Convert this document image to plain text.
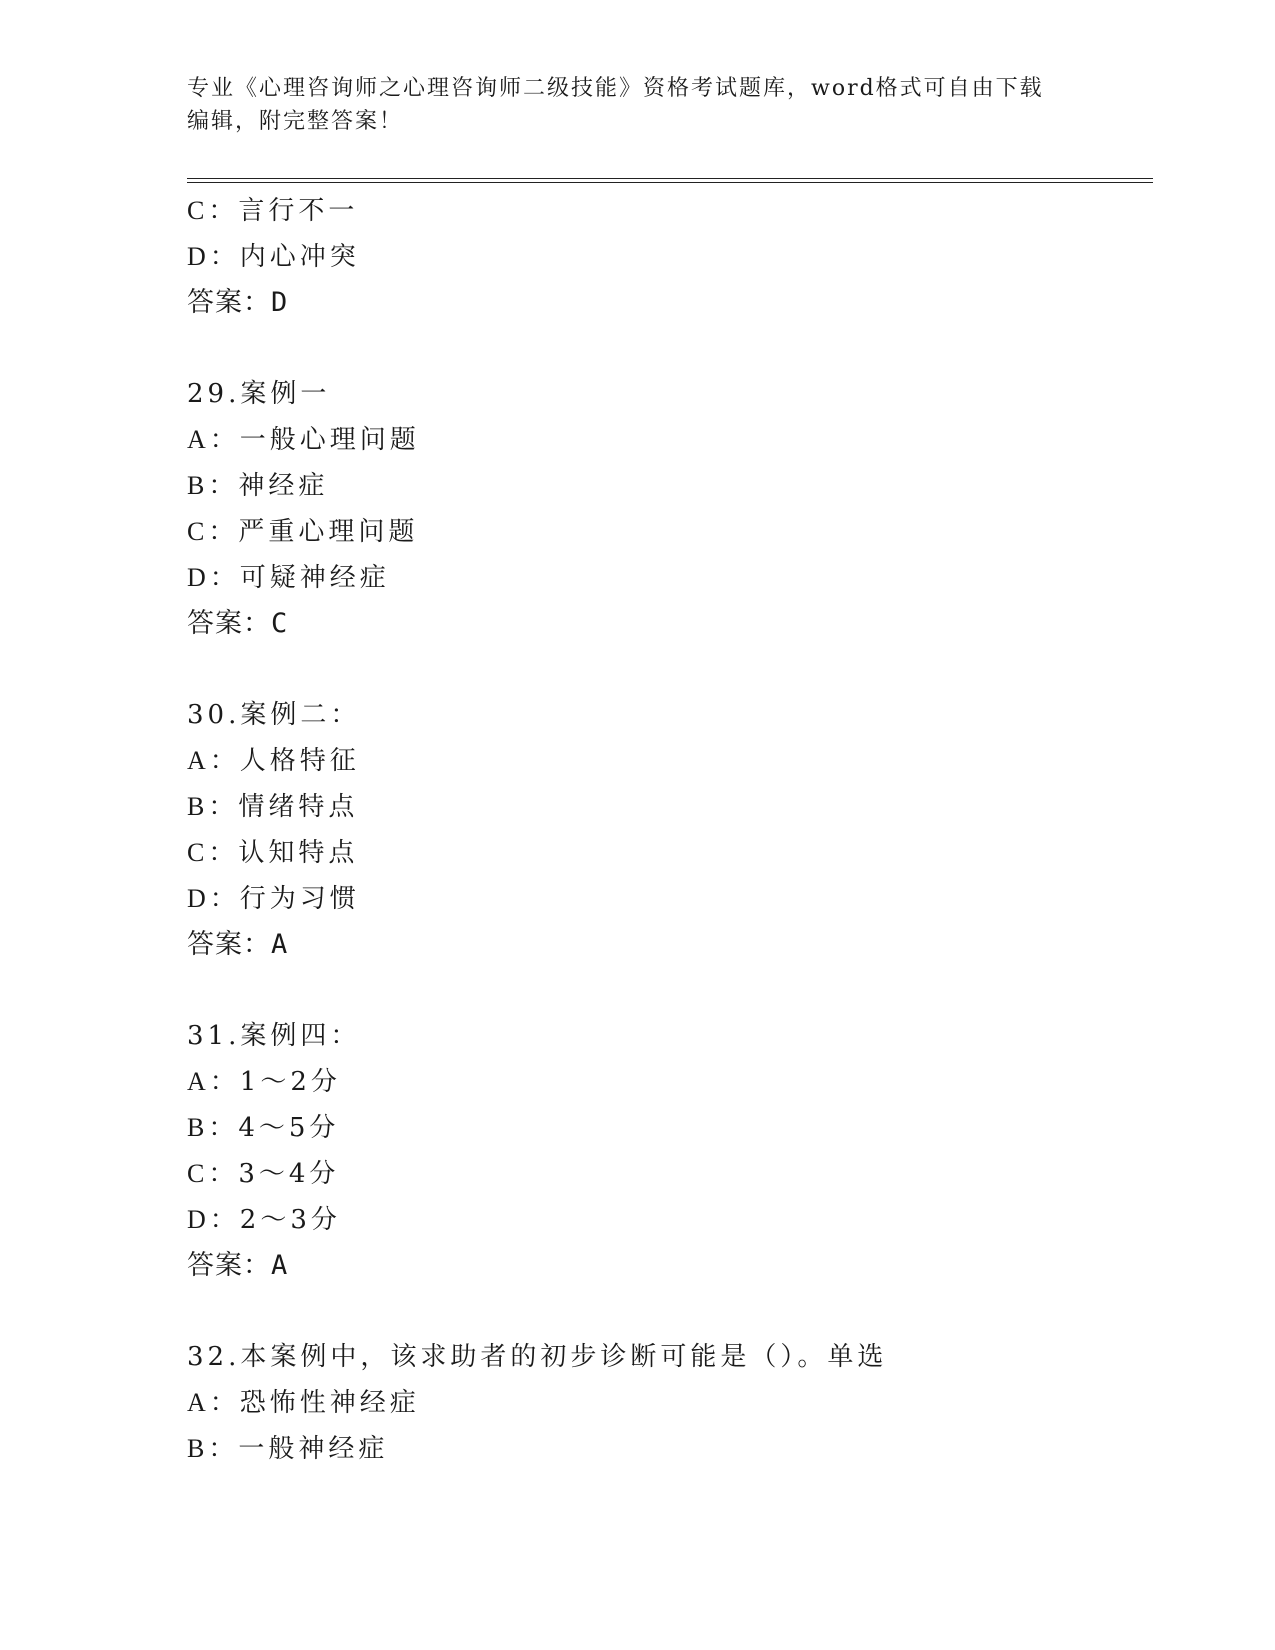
专业《心理咨询师之心理咨询师二级技能》资格考试题库，word格式可自由下载
编辑，附完整答案！
C：言行不一
D：内心冲突
答案：D
29.案例一
A：一般心理问题
B：神经症
C：严重心理问题
D：可疑神经症
答案：C
30.案例二：
A：人格特征
B：情绪特点
C：认知特点
D：行为习惯
答案：A
31.案例四：
A：1～2分
B：4～5分
C：3～4分
D：2～3分
答案：A
32.本案例中，该求助者的初步诊断可能是（）。单选
A：恐怖性神经症
B：一般神经症
